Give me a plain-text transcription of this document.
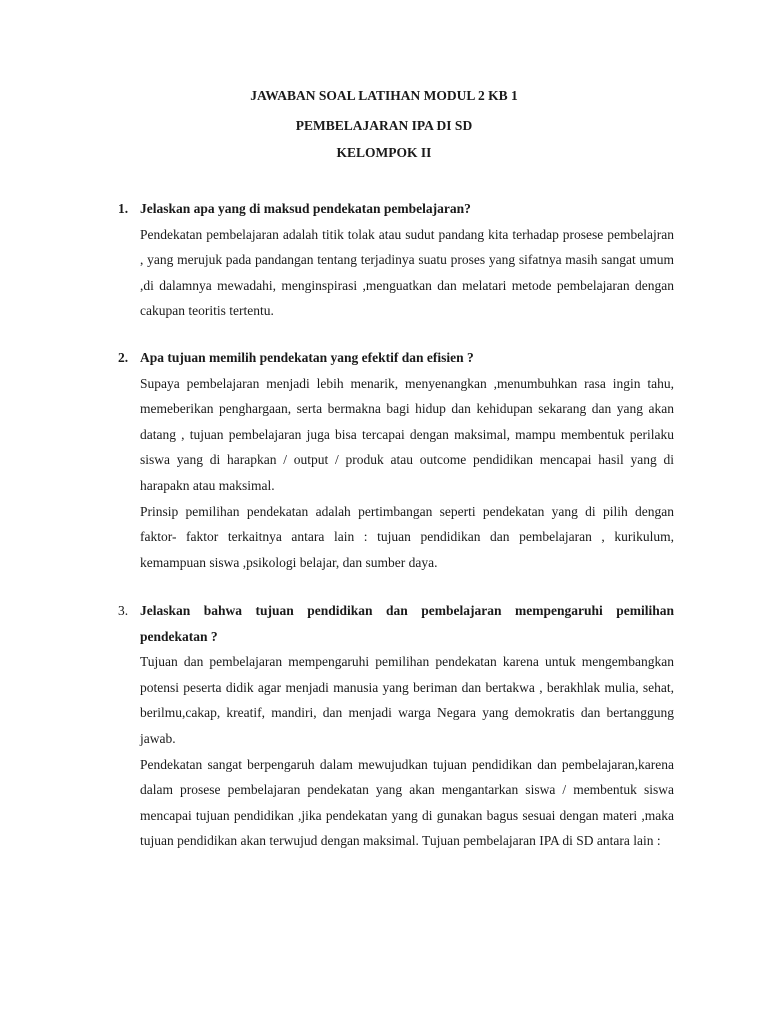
JAWABAN SOAL LATIHAN MODUL 2 KB 1
PEMBELAJARAN IPA DI SD
KELOMPOK II
1. Jelaskan apa yang di maksud pendekatan pembelajaran?

Pendekatan pembelajaran adalah titik tolak atau sudut pandang kita terhadap prosese pembelajran , yang merujuk pada pandangan tentang terjadinya suatu proses yang sifatnya masih sangat umum ,di dalamnya mewadahi, menginspirasi ,menguatkan dan melatari metode pembelajaran dengan cakupan teoritis tertentu.

2. Apa tujuan memilih pendekatan yang efektif dan efisien ?

Supaya pembelajaran menjadi lebih menarik, menyenangkan ,menumbuhkan rasa ingin tahu, memeberikan penghargaan, serta bermakna bagi hidup dan kehidupan sekarang dan yang akan datang , tujuan pembelajaran juga bisa tercapai dengan maksimal, mampu membentuk perilaku siswa yang di harapkan / output / produk atau outcome pendidikan mencapai hasil yang di harapakn atau maksimal.

Prinsip pemilihan pendekatan adalah pertimbangan seperti pendekatan yang di pilih dengan faktor- faktor terkaitnya antara lain : tujuan pendidikan dan pembelajaran , kurikulum, kemampuan siswa ,psikologi belajar, dan sumber daya.

3. Jelaskan bahwa tujuan pendidikan dan pembelajaran mempengaruhi pemilihan pendekatan ?

Tujuan dan pembelajaran mempengaruhi pemilihan pendekatan karena untuk mengembangkan potensi peserta didik agar menjadi manusia yang beriman dan bertakwa , berakhlak mulia, sehat, berilmu,cakap, kreatif, mandiri, dan menjadi warga Negara yang demokratis dan bertanggung jawab.

Pendekatan sangat berpengaruh dalam mewujudkan tujuan pendidikan dan pembelajaran,karena dalam prosese pembelajaran pendekatan yang akan mengantarkan siswa / membentuk siswa mencapai tujuan pendidikan ,jika pendekatan yang di gunakan bagus sesuai dengan materi ,maka tujuan pendidikan akan terwujud dengan maksimal. Tujuan pembelajaran IPA di SD antara lain :
